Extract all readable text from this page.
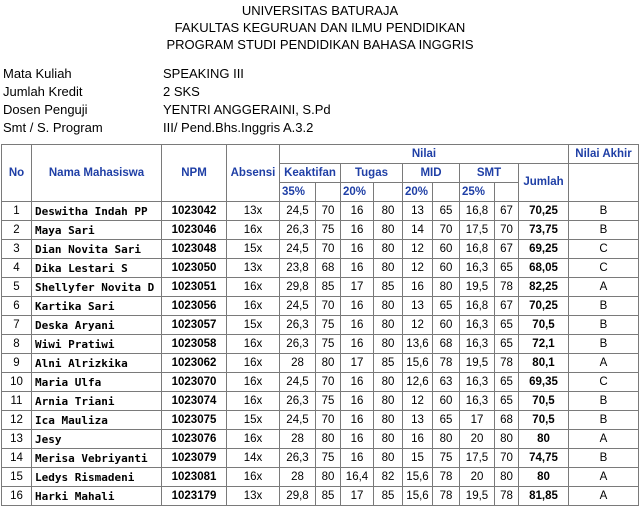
UNIVERSITAS BATURAJA
FAKULTAS KEGURUAN DAN ILMU PENDIDIKAN
PROGRAM STUDI PENDIDIKAN BAHASA INGGRIS
Mata Kuliah	SPEAKING III
Jumlah Kredit	2 SKS
Dosen Penguji	YENTRI ANGGERAINI, S.Pd
Smt / S. Program	III/ Pend.Bhs.Inggris A.3.2
No	Nama Mahasiswa	NPM	Absensi	Nilai									Nilai Akhir
				Keaktifan		Tugas		MID		SMT		Jumlah	
				35%		20%		20%		25%			
1	Deswitha Indah PP	1023042	13x	24,5	70	16	80	13	65	16,8	67	70,25	B
2	Maya Sari	1023046	16x	26,3	75	16	80	14	70	17,5	70	73,75	B
3	Dian Novita Sari	1023048	15x	24,5	70	16	80	12	60	16,8	67	69,25	C
4	Dika Lestari S	1023050	13x	23,8	68	16	80	12	60	16,3	65	68,05	C
5	Shellyfer Novita D	1023051	16x	29,8	85	17	85	16	80	19,5	78	82,25	A
6	Kartika Sari	1023056	16x	24,5	70	16	80	13	65	16,8	67	70,25	B
7	Deska Aryani	1023057	15x	26,3	75	16	80	12	60	16,3	65	70,5	B
8	Wiwi Pratiwi	1023058	16x	26,3	75	16	80	13,6	68	16,3	65	72,1	B
9	Alni Alrizkika	1023062	16x	28	80	17	85	15,6	78	19,5	78	80,1	A
10	Maria Ulfa	1023070	16x	24,5	70	16	80	12,6	63	16,3	65	69,35	C
11	Arnia Triani	1023074	16x	26,3	75	16	80	12	60	16,3	65	70,5	B
12	Ica Mauliza	1023075	15x	24,5	70	16	80	13	65	17	68	70,5	B
13	Jesy	1023076	16x	28	80	16	80	16	80	20	80	80	A
14	Merisa Vebriyanti	1023079	14x	26,3	75	16	80	15	75	17,5	70	74,75	B
15	Ledys Rismadeni	1023081	16x	28	80	16,4	82	15,6	78	20	80	80	A
16	Harki Mahali	1023179	13x	29,8	85	17	85	15,6	78	19,5	78	81,85	A
